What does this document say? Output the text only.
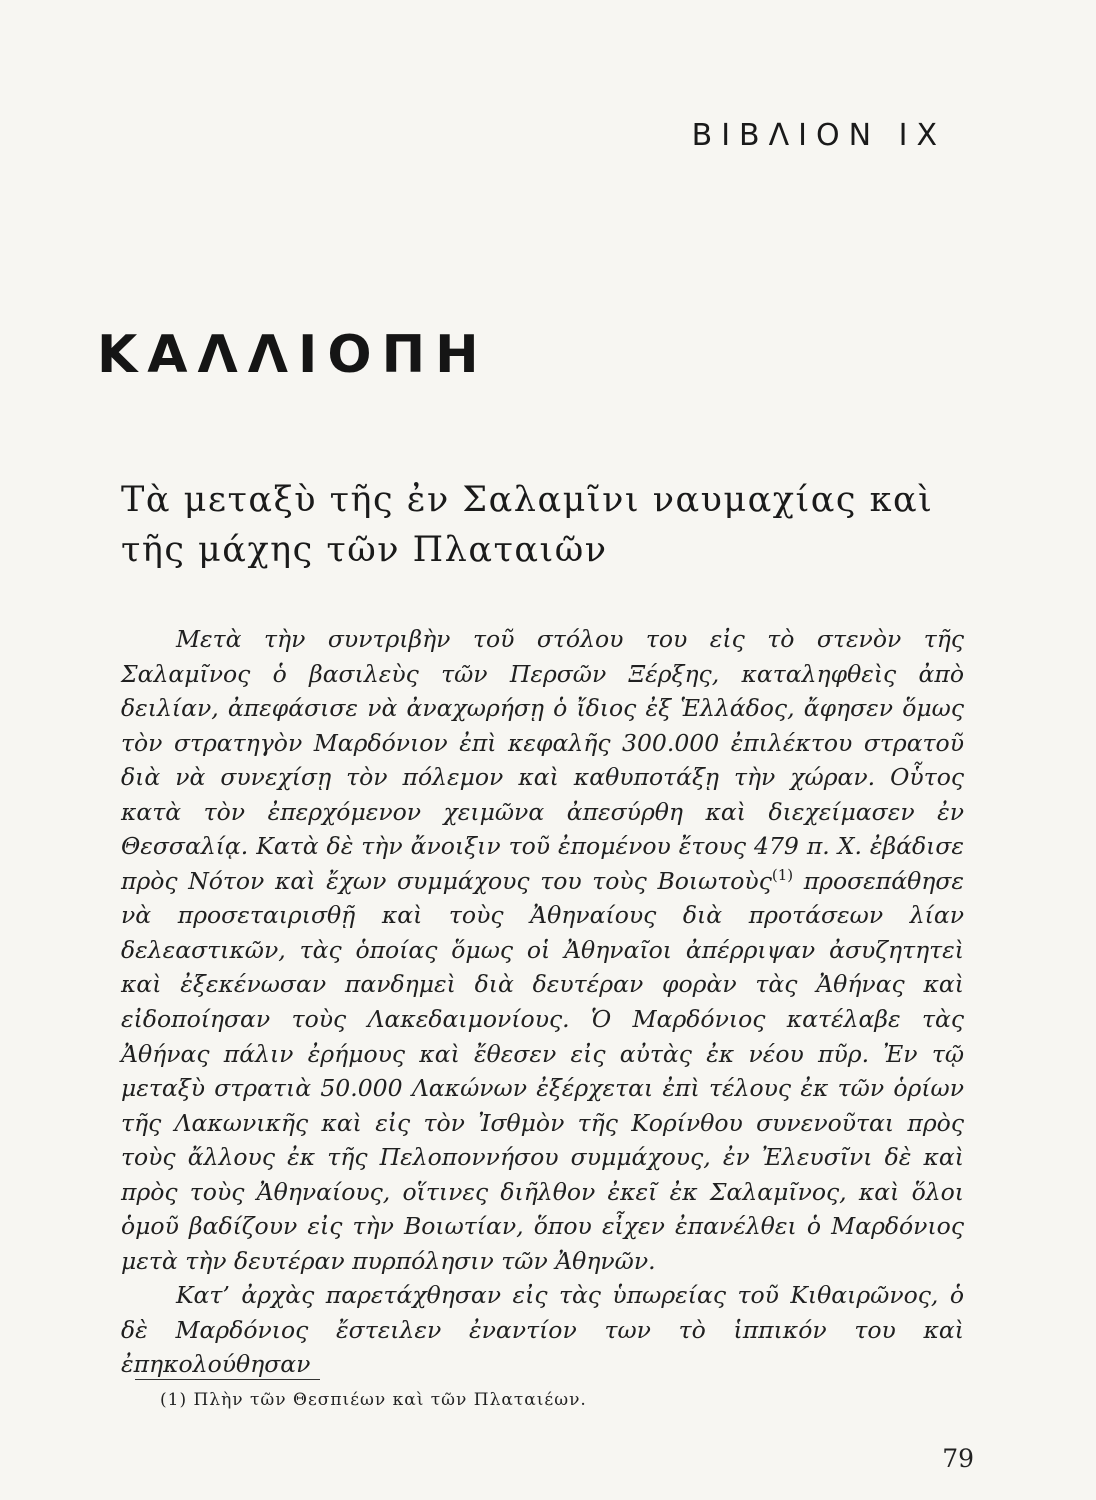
ΒΙΒΛΙΟΝ IX
ΚΑΛΛΙΟΠΗ
Τὰ μεταξὺ τῆς ἐν Σαλαμῖνι ναυμαχίας καὶ
τῆς μάχης τῶν Πλαταιῶν

Μετὰ τὴν συντριβὴν τοῦ στόλου του εἰς τὸ στενὸν τῆς Σαλαμῖνος ὁ βασιλεὺς τῶν Περσῶν Ξέρξης, καταληφθεὶς ἀπὸ δειλίαν, ἀπεφάσισε νὰ ἀναχωρήσῃ ὁ ἴδιος ἐξ Ἑλλάδος, ἄφησεν ὅμως τὸν στρατηγὸν Μαρδόνιον ἐπὶ κεφαλῆς 300.000 ἐπιλέκτου στρατοῦ διὰ νὰ συνεχίσῃ τὸν πόλεμον καὶ καθυποτάξῃ τὴν χώραν. Οὗτος κατὰ τὸν ἐπερχόμενον χειμῶνα ἀπεσύρθη καὶ διεχείμασεν ἐν Θεσσαλίᾳ. Κατὰ δὲ τὴν ἄνοιξιν τοῦ ἐπομένου ἔτους 479 π. Χ. ἐβάδισε πρὸς Νότον καὶ ἔχων συμμάχους του τοὺς Βοιωτοὺς$^{(1)}$ προσεπάθησε νὰ προσεταιρισθῇ καὶ τοὺς Ἀθηναίους διὰ προτάσεων λίαν δελεαστικῶν, τὰς ὁποίας ὅμως οἱ Ἀθηναῖοι ἀπέρριψαν ἀσυζητητεὶ καὶ ἐξεκένωσαν πανδημεὶ διὰ δευτέραν φορὰν τὰς Ἀθήνας καὶ εἰδοποίησαν τοὺς Λακεδαιμονίους. Ὁ Μαρδόνιος κατέλαβε τὰς Ἀθήνας πάλιν ἐρήμους καὶ ἔθεσεν εἰς αὐτὰς ἐκ νέου πῦρ. Ἐν τῷ μεταξὺ στρατιὰ 50.000 Λακώνων ἐξέρχεται ἐπὶ τέλους ἐκ τῶν ὁρίων τῆς Λακωνικῆς καὶ εἰς τὸν Ἰσθμὸν τῆς Κορίνθου συνενοῦται πρὸς τοὺς ἄλλους ἐκ τῆς Πελοποννήσου συμμάχους, ἐν Ἐλευσῖνι δὲ καὶ πρὸς τοὺς Ἀθηναίους, οἵτινες διῆλθον ἐκεῖ ἐκ Σαλαμῖνος, καὶ ὅλοι ὁμοῦ βαδίζουν εἰς τὴν Βοιωτίαν, ὅπου εἶχεν ἐπανέλθει ὁ Μαρδόνιος μετὰ τὴν δευτέραν πυρπόλησιν τῶν Ἀθηνῶν.

Κατ’ ἀρχὰς παρετάχθησαν εἰς τὰς ὑπωρείας τοῦ Κιθαιρῶνος, ὁ δὲ Μαρδόνιος ἔστειλεν ἐναντίον των τὸ ἱππικόν του καὶ ἐπηκολούθησαν

(1) Πλὴν τῶν Θεσπιέων καὶ τῶν Πλαταιέων.
79
